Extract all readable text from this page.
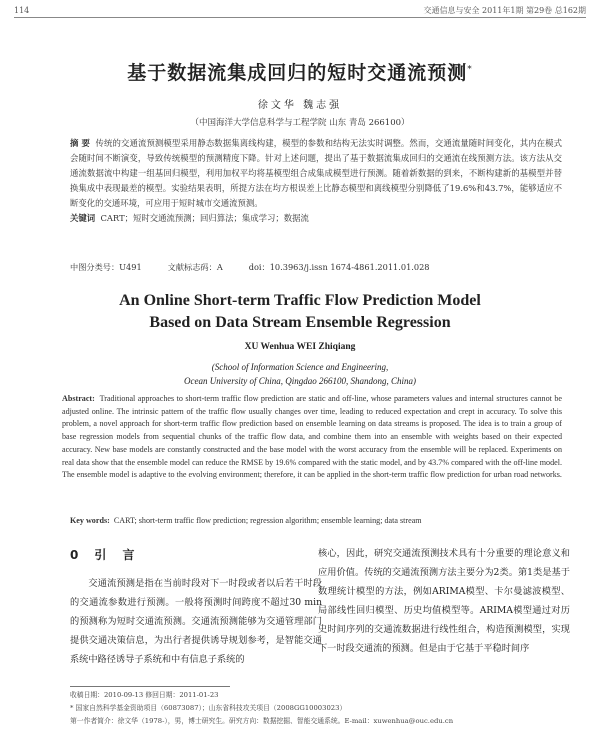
114	交通信息与安全 2011年1期 第29卷 总162期
基于数据流集成回归的短时交通流预测*
徐文华 魏志强
（中国海洋大学信息科学与工程学院 山东 青岛 266100）
摘 要 传统的交通流预测模型采用静态数据集离线构建，模型的参数和结构无法实时调整。然而，交通流量随时间变化，其内在模式会随时间不断演变，导致传统模型的预测精度下降。针对上述问题，提出了基于数据流集成回归的交通流在线预测方法。该方法从交通流数据流中构建一组基回归模型，利用加权平均将基模型组合成集成模型进行预测。随着新数据的到来，不断构建新的基模型并替换集成中表现最差的模型。实验结果表明，所提方法在均方根误差上比静态模型和离线模型分别降低了19.6%和43.7%，能够适应不断变化的交通环境，可应用于短时城市交通流预测。
关键词 CART；短时交通流预测；回归算法；集成学习；数据流
中图分类号：U491	文献标志码：A	doi：10.3963/j.issn 1674-4861.2011.01.028
An Online Short-term Traffic Flow Prediction Model
Based on Data Stream Ensemble Regression
XU Wenhua WEI Zhiqiang
(School of Information Science and Engineering,
Ocean University of China, Qingdao 266100, Shandong, China)
Abstract: Traditional approaches to short-term traffic flow prediction are static and off-line, whose parameters values and internal structures cannot be adjusted online. The intrinsic pattern of the traffic flow usually changes over time, leading to reduced expectation and crept in accuracy. To solve this problem, a novel approach for short-term traffic flow prediction based on ensemble learning on data streams is proposed. The idea is to train a group of base regression models from sequential chunks of the traffic flow data, and combine them into an ensemble with weights based on their expected accuracy. New base models are constantly constructed and the base model with the worst accuracy from the ensemble will be replaced. Experiments on real data show that the ensemble model can reduce the RMSE by 19.6% compared with the static model, and by 43.7% compared with the off-line model. The ensemble model is adaptive to the evolving environment; therefore, it can be applied in the short-term traffic flow prediction for urban road networks.
Key words: CART; short-term traffic flow prediction; regression algorithm; ensemble learning; data stream
0 引 言
交通流预测是指在当前时段对下一时段或者以后若干时段的交通流参数进行预测。一般将预测时间跨度不超过30 min的预测称为短时交通流预测。交通流预测能够为交通管理部门提供交通决策信息，为出行者提供诱导规划参考，是智能交通系统中路径诱导子系统和中有信息子系统的
核心，因此，研究交通流预测技术具有十分重要的理论意义和应用价值。传统的交通流预测方法主要分为2类。第1类是基于数理统计模型的方法，例如ARIMA模型、卡尔曼滤波模型、局部线性回归模型、历史均值模型等。ARIMA模型通过对历史时间序列的交通流数据进行线性组合，构造预测模型，实现下一时段交通流的预测。但是由于它基于平稳时间序
收稿日期：2010-09-13 修回日期：2011-01-23
* 国家自然科学基金资助项目（60873087）；山东省科技攻关项目（2008GG10003023）
第一作者简介：徐文华（1978-），男，博士研究生。研究方向：数据挖掘、智能交通系统。E-mail：xuwenhua@ouc.edu.cn
